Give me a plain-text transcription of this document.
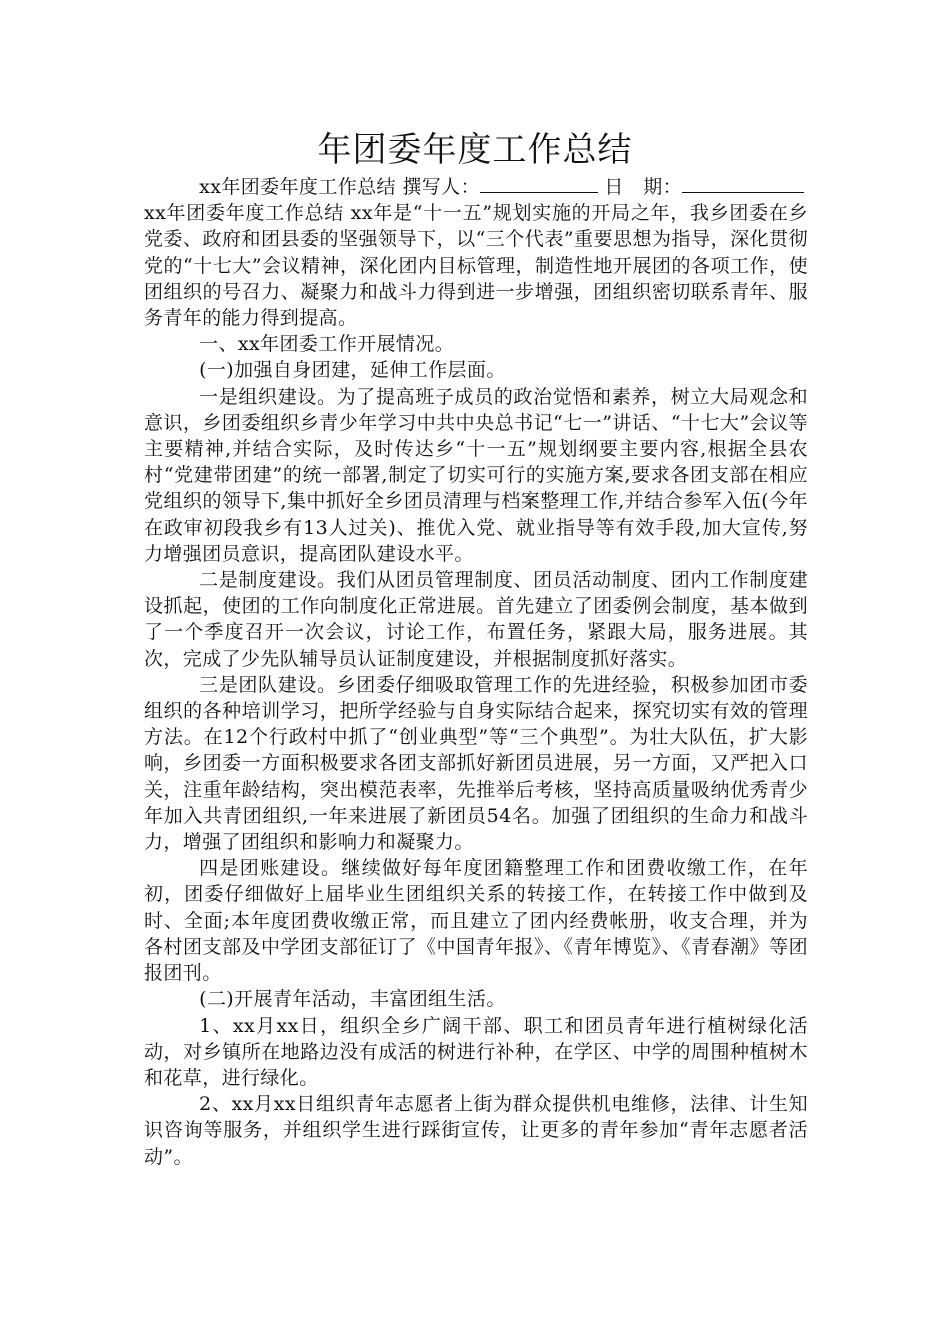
年团委年度工作总结

xx年团委年度工作总结 撰写人：	日　期：	　　xx年团委年度工作总结 xx年是“十一五”规划实施的开局之年，我乡团委在乡党委、政府和团县委的坚强领导下，以“三个代表”重要思想为指导，深化贯彻党的“十七大”会议精神，深化团内目标管理，制造性地开展团的各项工作，使团组织的号召力、凝聚力和战斗力得到进一步增强，团组织密切联系青年、服务青年的能力得到提高。

一、xx年团委工作开展情况。

(一)加强自身团建，延伸工作层面。

一是组织建设。为了提高班子成员的政治觉悟和素养，树立大局观念和意识，乡团委组织乡青少年学习中共中央总书记“七一”讲话、“十七大”会议等主要精神,并结合实际，及时传达乡“十一五”规划纲要主要内容,根据全县农村“党建带团建”的统一部署,制定了切实可行的实施方案,要求各团支部在相应党组织的领导下,集中抓好全乡团员清理与档案整理工作,并结合参军入伍(今年在政审初段我乡有13人过关)、推优入党、就业指导等有效手段,加大宣传,努力增强团员意识，提高团队建设水平。

二是制度建设。我们从团员管理制度、团员活动制度、团内工作制度建设抓起，使团的工作向制度化正常进展。首先建立了团委例会制度，基本做到了一个季度召开一次会议，讨论工作，布置任务，紧跟大局，服务进展。其次，完成了少先队辅导员认证制度建设，并根据制度抓好落实。

三是团队建设。乡团委仔细吸取管理工作的先进经验，积极参加团市委组织的各种培训学习，把所学经验与自身实际结合起来，探究切实有效的管理方法。在12个行政村中抓了“创业典型”等“三个典型”。为壮大队伍，扩大影响，乡团委一方面积极要求各团支部抓好新团员进展，另一方面，又严把入口关，注重年龄结构，突出模范表率，先推举后考核，坚持高质量吸纳优秀青少年加入共青团组织,一年来进展了新团员54名。加强了团组织的生命力和战斗力，增强了团组织和影响力和凝聚力。

四是团账建设。继续做好每年度团籍整理工作和团费收缴工作，在年初，团委仔细做好上届毕业生团组织关系的转接工作，在转接工作中做到及时、全面;本年度团费收缴正常，而且建立了团内经费帐册，收支合理，并为各村团支部及中学团支部征订了《中国青年报》、《青年博览》、《青春潮》等团报团刊。

(二)开展青年活动，丰富团组生活。

1、xx月xx日，组织全乡广阔干部、职工和团员青年进行植树绿化活动，对乡镇所在地路边没有成活的树进行补种，在学区、中学的周围种植树木和花草，进行绿化。

2、xx月xx日组织青年志愿者上街为群众提供机电维修，法律、计生知识咨询等服务，并组织学生进行踩街宣传，让更多的青年参加“青年志愿者活动”。
